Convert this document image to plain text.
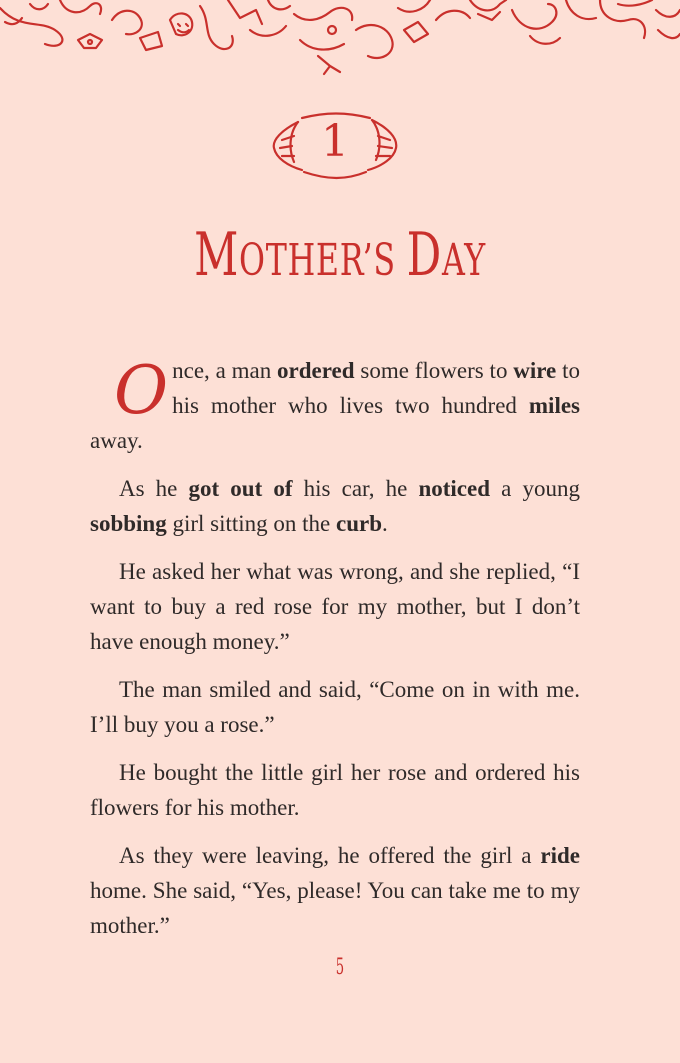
1
MOTHER’S DAY

Once, a man ordered some flowers to wire to his mother who lives two hundred miles away.

As he got out of his car, he noticed a young sobbing girl sitting on the curb.

He asked her what was wrong, and she replied, “I want to buy a red rose for my mother, but I don’t have enough money.”

The man smiled and said, “Come on in with me. I’ll buy you a rose.”

He bought the little girl her rose and ordered his flowers for his mother.

As they were leaving, he offered the girl a ride home. She said, “Yes, please! You can take me to my mother.”

5
